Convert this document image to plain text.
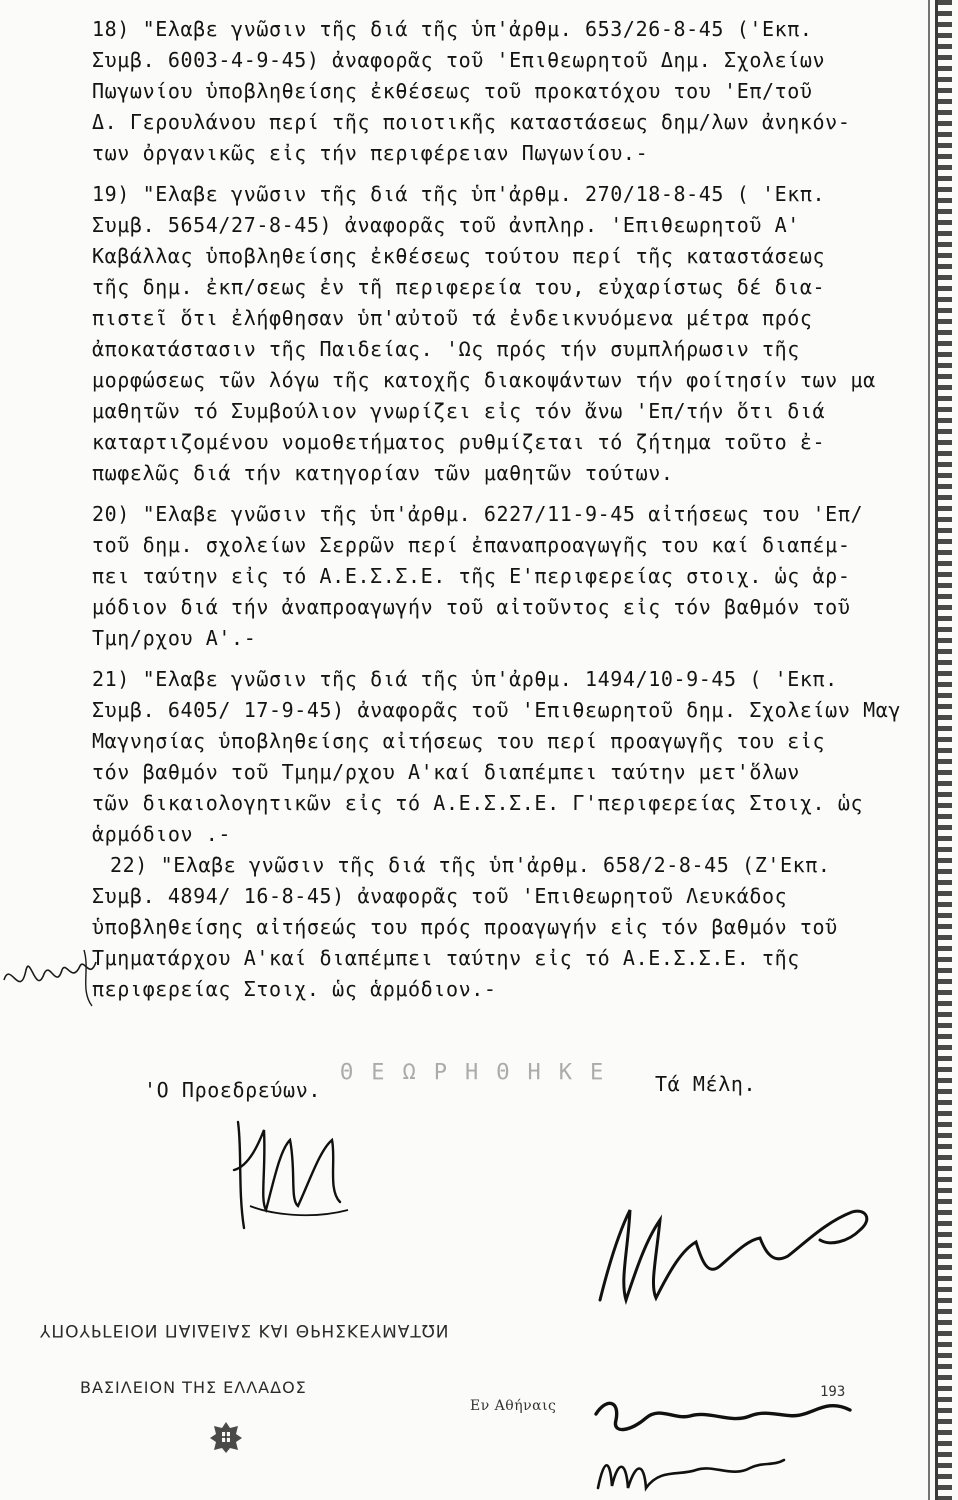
18) "Ελαβε γνῶσιν τῆς διά τῆς ὑπ'ἀρθμ. 653/26-8-45 ('Εκπ.
Συμβ. 6003-4-9-45) ἀναφορᾶς τοῦ 'Επιθεωρητοῦ Δημ. Σχολείων
Πωγωνίου ὑποβληθείσης ἐκθέσεως τοῦ προκατόχου του 'Επ/τοῦ
Δ. Γερουλάνου περί τῆς ποιοτικῆς καταστάσεως δημ/λων ἀνηκόν-
των ὀργανικῶς εἰς τήν περιφέρειαν Πωγωνίου.-
19) "Ελαβε γνῶσιν τῆς διά τῆς ὑπ'ἀρθμ. 270/18-8-45 ( 'Εκπ.
Συμβ. 5654/27-8-45) ἀναφορᾶς τοῦ ἀνπληρ. 'Επιθεωρητοῦ Α'
Καβάλλας ὑποβληθείσης ἐκθέσεως τούτου περί τῆς καταστάσεως
τῆς δημ. ἐκπ/σεως ἐν τῆ περιφερεία του, εὐχαρίστως δέ δια-
πιστεῖ ὅτι ἐλήφθησαν ὑπ'αὐτοῦ τά ἐνδεικνυόμενα μέτρα πρός
ἀποκατάστασιν τῆς Παιδείας. 'Ως πρός τήν συμπλήρωσιν τῆς
μορφώσεως τῶν λόγω τῆς κατοχῆς διακοψάντων τήν φοίτησίν των μα
μαθητῶν τό Συμβούλιον γνωρίζει εἰς τόν ἄνω 'Επ/τήν ὅτι διά
καταρτιζομένου νομοθετήματος ρυθμίζεται τό ζήτημα τοῦτο ἐ-
πωφελῶς διά τήν κατηγορίαν τῶν μαθητῶν τούτων.
20) "Ελαβε γνῶσιν τῆς ὑπ'ἀρθμ. 6227/11-9-45 αἰτήσεως του 'Επ/
τοῦ δημ. σχολείων Σερρῶν περί ἐπαναπροαγωγῆς του καί διαπέμ-
πει ταύτην εἰς τό Α.Ε.Σ.Σ.Ε. τῆς Ε'περιφερείας στοιχ. ὡς ἁρ-
μόδιον διά τήν ἀναπροαγωγήν τοῦ αἰτοῦντος εἰς τόν βαθμόν τοῦ
Τμη/ρχου Α'.-
21) "Ελαβε γνῶσιν τῆς διά τῆς ὑπ'ἀρθμ. 1494/10-9-45 ( 'Εκπ.
Συμβ. 6405/ 17-9-45) ἀναφορᾶς τοῦ 'Επιθεωρητοῦ δημ. Σχολείων Μαγ
Μαγνησίας ὑποβληθείσης αἰτήσεως του περί προαγωγῆς του εἰς
τόν βαθμόν τοῦ Τμημ/ρχου Α'καί διαπέμπει ταύτην μετ'ὅλων
τῶν δικαιολογητικῶν εἰς τό Α.Ε.Σ.Σ.Ε. Γ'περιφερείας Στοιχ. ὡς
ἁρμόδιον .-
22) "Ελαβε γνῶσιν τῆς διά τῆς ὑπ'ἀρθμ. 658/2-8-45 (Ζ'Εκπ.
Συμβ. 4894/ 16-8-45) ἀναφορᾶς τοῦ 'Επιθεωρητοῦ Λευκάδος
ὑποβληθείσης αἰτήσεώς του πρός προαγωγήν εἰς τόν βαθμόν τοῦ
Τμηματάρχου Α'καί διαπέμπει ταύτην εἰς τό Α.Ε.Σ.Σ.Ε. τῆς
περιφερείας Στοιχ. ὡς ἁρμόδιον.-
ΘΕΩΡΗΘΗΚΕ
'Ο Προεδρεύων.	Τά Μέλη.
ΥΠΟΥΡΓΕΙΟΝ ΠΑΙΔΕΙΑΣ ΚΑΙ ΘΡΗΣΚΕΥΜΑΤΩΝ
ΒΑΣΙΛΕΙΟΝ ΤΗΣ ΕΛΛΑΔΟΣ
Εν Αθήναις
193
